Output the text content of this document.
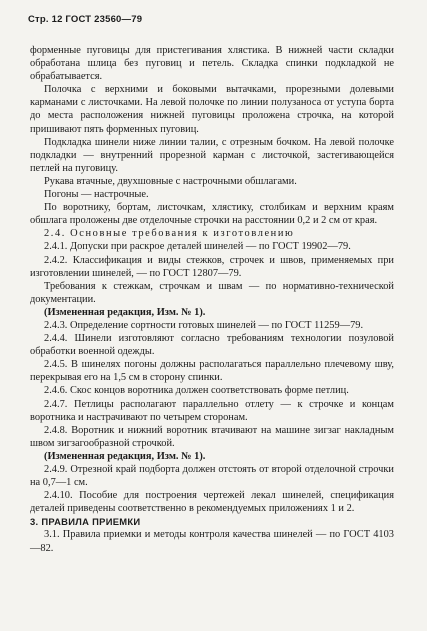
Стр. 12 ГОСТ 23560—79

форменные пуговицы для пристегивания хлястика. В нижней части складки обработана шлица без пуговиц и петель. Складка спинки подкладкой не обрабатывается.

Полочка с верхними и боковыми вытачками, прорезными долевыми карманами с листочками. На левой полочке по линии полузаноса от уступа борта до места расположения нижней пуговицы проложена строчка, на которой пришивают пять форменных пуговиц.

Подкладка шинели ниже линии талии, с отрезным бочком. На левой полочке подкладки — внутренний прорезной карман с листочкой, застегивающейся петлей на пуговицу.

Рукава втачные, двухшовные с настрочными обшлагами.

Погоны — настрочные.

По воротнику, бортам, листочкам, хлястику, столбикам и верхним краям обшлага проложены две отделочные строчки на расстоянии 0,2 и 2 см от края.

2.4. Основные требования к изготовлению

2.4.1. Допуски при раскрое деталей шинелей — по ГОСТ 19902—79.

2.4.2. Классификация и виды стежков, строчек и швов, применяемых при изготовлении шинелей, — по ГОСТ 12807—79.

Требования к стежкам, строчкам и швам — по нормативно-технической документации.

(Измененная редакция, Изм. № 1).

2.4.3. Определение сортности готовых шинелей — по ГОСТ 11259—79.

2.4.4. Шинели изготовляют согласно требованиям технологии позуловой обработки военной одежды.

2.4.5. В шинелях погоны должны располагаться параллельно плечевому шву, перекрывая его на 1,5 см в сторону спинки.

2.4.6. Скос концов воротника должен соответствовать форме петлиц.

2.4.7. Петлицы располагают параллельно отлету — к строчке и концам воротника и настрачивают по четырем сторонам.

2.4.8. Воротник и нижний воротник втачивают на машине зигзаг накладным швом зигзагообразной строчкой.

(Измененная редакция, Изм. № 1).

2.4.9. Отрезной край подборта должен отстоять от второй отделочной строчки на 0,7—1 см.

2.4.10. Пособие для построения чертежей лекал шинелей, спецификация деталей приведены соответственно в рекомендуемых приложениях 1 и 2.

3. ПРАВИЛА ПРИЕМКИ

3.1. Правила приемки и методы контроля качества шинелей — по ГОСТ 4103—82.
